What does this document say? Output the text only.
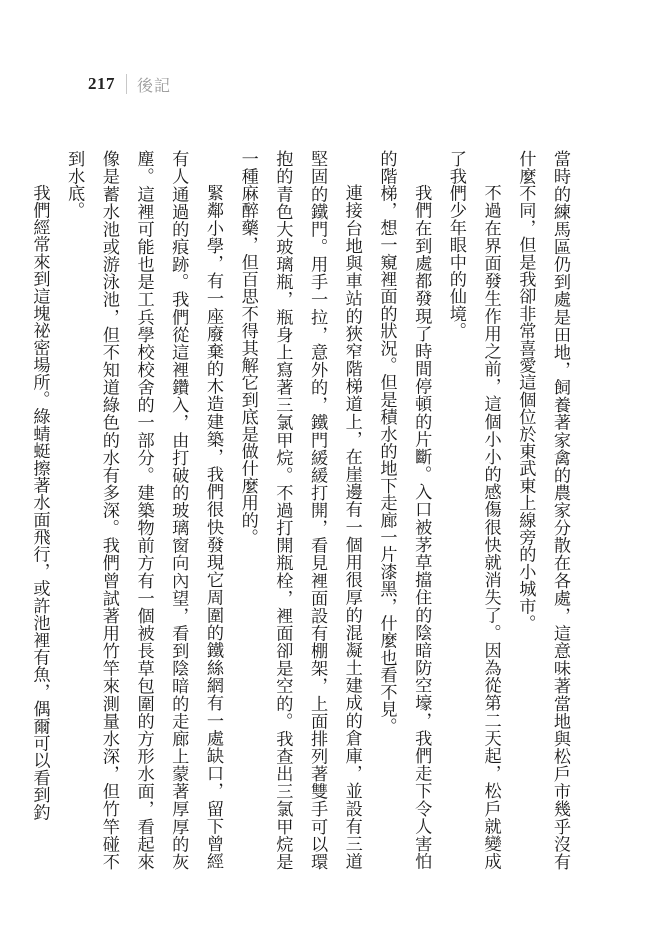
217 後記

當時的練馬區仍到處是田地，飼養著家禽的農家分散在各處，這意味著當地與松戶市幾乎沒有什麼不同，但是我卻非常喜愛這個位於東武東上線旁的小城市。

不過在界面發生作用之前，這個小小的感傷很快就消失了。因為從第二天起，松戶就變成了我們少年眼中的仙境。

我們在到處都發現了時間停頓的片斷。入口被茅草擋住的陰暗防空壕，我們走下令人害怕的階梯，想一窺裡面的狀況。但是積水的地下走廊一片漆黑，什麼也看不見。

連接台地與車站的狹窄階梯道上，在崖邊有一個用很厚的混凝土建成的倉庫，並設有三道堅固的鐵門。用手一拉，意外的，鐵門緩緩打開，看見裡面設有棚架，上面排列著雙手可以環抱的青色大玻璃瓶，瓶身上寫著三氯甲烷。不過打開瓶栓，裡面卻是空的。我查出三氯甲烷是一種麻醉藥，但百思不得其解它到底是做什麼用的。

緊鄰小學，有一座廢棄的木造建築，我們很快發現它周圍的鐵絲網有一處缺口，留下曾經有人通過的痕跡。我們從這裡鑽入，由打破的玻璃窗向內望，看到陰暗的走廊上蒙著厚厚的灰塵。這裡可能也是工兵學校校舍的一部分。建築物前方有一個被長草包圍的方形水面，看起來像是蓄水池或游泳池，但不知道綠色的水有多深。我們曾試著用竹竿來測量水深，但竹竿碰不到水底。

我們經常來到這塊祕密場所。綠蜻蜓擦著水面飛行，或許池裡有魚，偶爾可以看到釣
